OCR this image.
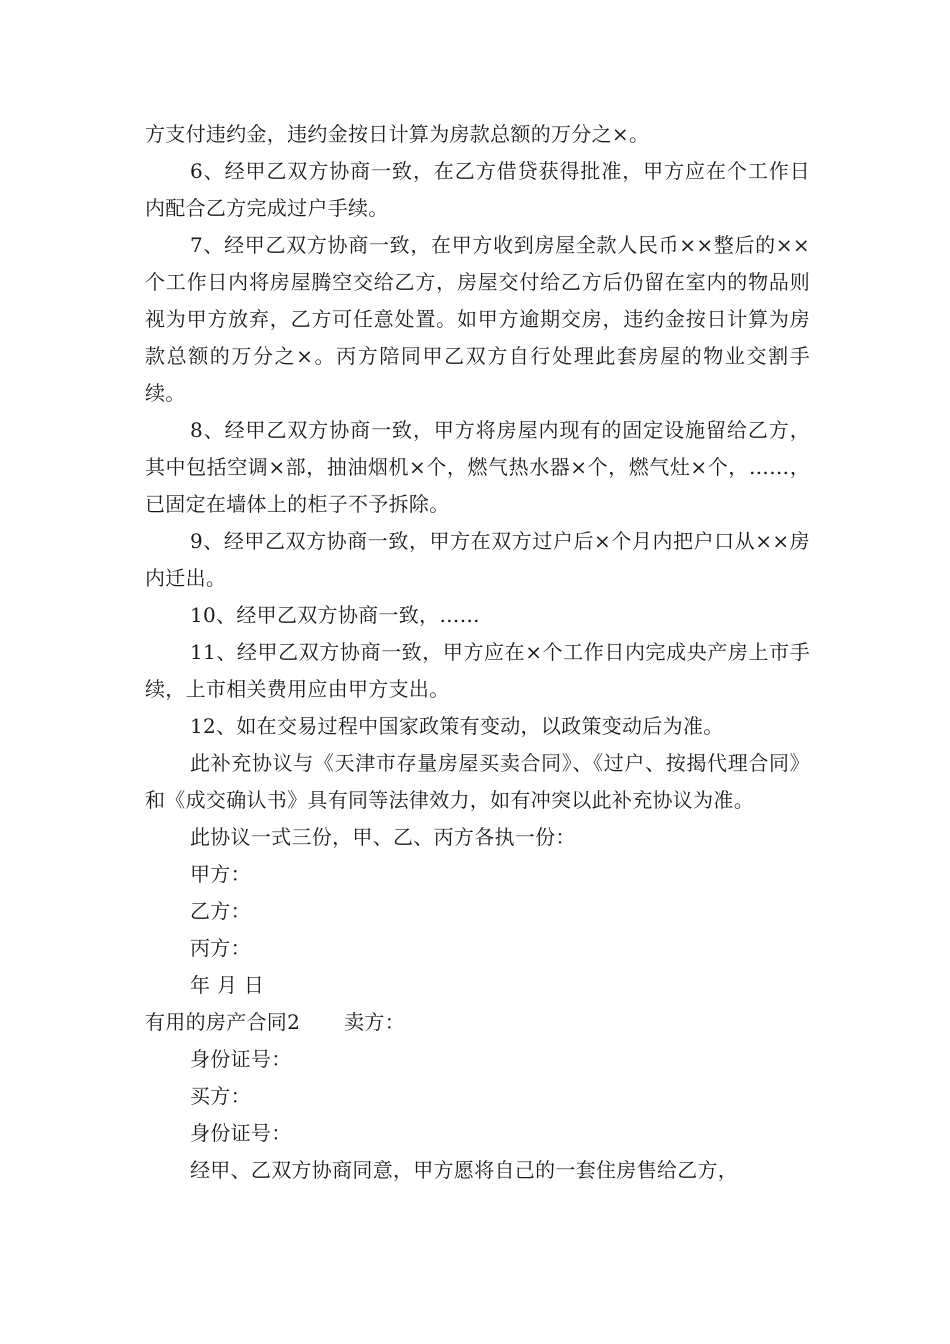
方支付违约金，违约金按日计算为房款总额的万分之×。

6、经甲乙双方协商一致，在乙方借贷获得批准，甲方应在个工作日内配合乙方完成过户手续。

7、经甲乙双方协商一致，在甲方收到房屋全款人民币××整后的××个工作日内将房屋腾空交给乙方，房屋交付给乙方后仍留在室内的物品则视为甲方放弃，乙方可任意处置。如甲方逾期交房，违约金按日计算为房款总额的万分之×。丙方陪同甲乙双方自行处理此套房屋的物业交割手续。

8、经甲乙双方协商一致，甲方将房屋内现有的固定设施留给乙方，其中包括空调×部，抽油烟机×个，燃气热水器×个，燃气灶×个，……，已固定在墙体上的柜子不予拆除。

9、经甲乙双方协商一致，甲方在双方过户后×个月内把户口从××房内迁出。

10、经甲乙双方协商一致，……

11、经甲乙双方协商一致，甲方应在×个工作日内完成央产房上市手续，上市相关费用应由甲方支出。

12、如在交易过程中国家政策有变动，以政策变动后为准。

此补充协议与《天津市存量房屋买卖合同》、《过户、按揭代理合同》和《成交确认书》具有同等法律效力，如有冲突以此补充协议为准。

此协议一式三份，甲、乙、丙方各执一份：

甲方：

乙方：

丙方：

年 月 日

有用的房产合同2 卖方：

身份证号：

买方：

身份证号：

经甲、乙双方协商同意，甲方愿将自己的一套住房售给乙方，
